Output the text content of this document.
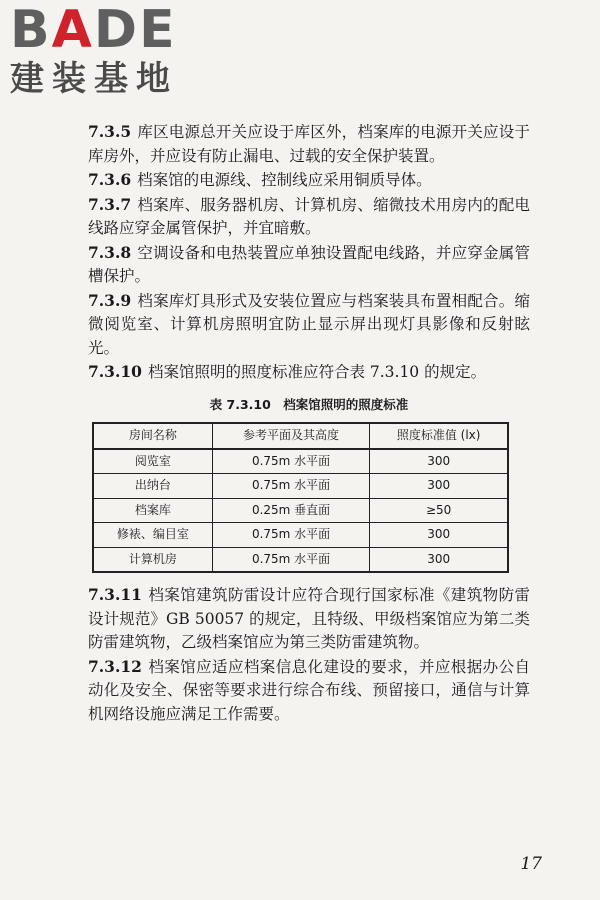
BADE
建装基地

7.3.5 库区电源总开关应设于库区外，档案库的电源开关应设于库房外，并应设有防止漏电、过载的安全保护装置。

7.3.6 档案馆的电源线、控制线应采用铜质导体。

7.3.7 档案库、服务器机房、计算机房、缩微技术用房内的配电线路应穿金属管保护，并宜暗敷。

7.3.8 空调设备和电热装置应单独设置配电线路，并应穿金属管槽保护。

7.3.9 档案库灯具形式及安装位置应与档案装具布置相配合。缩微阅览室、计算机房照明宜防止显示屏出现灯具影像和反射眩光。

7.3.10 档案馆照明的照度标准应符合表 7.3.10 的规定。

表 7.3.10　档案馆照明的照度标准
房间名称	参考平面及其高度	照度标准值 (lx)
阅览室	0.75m 水平面	300
出纳台	0.75m 水平面	300
档案库	0.25m 垂直面	≥50
修裱、编目室	0.75m 水平面	300
计算机房	0.75m 水平面	300

7.3.11 档案馆建筑防雷设计应符合现行国家标准《建筑物防雷设计规范》GB 50057 的规定，且特级、甲级档案馆应为第二类防雷建筑物，乙级档案馆应为第三类防雷建筑物。

7.3.12 档案馆应适应档案信息化建设的要求，并应根据办公自动化及安全、保密等要求进行综合布线、预留接口，通信与计算机网络设施应满足工作需要。

17
